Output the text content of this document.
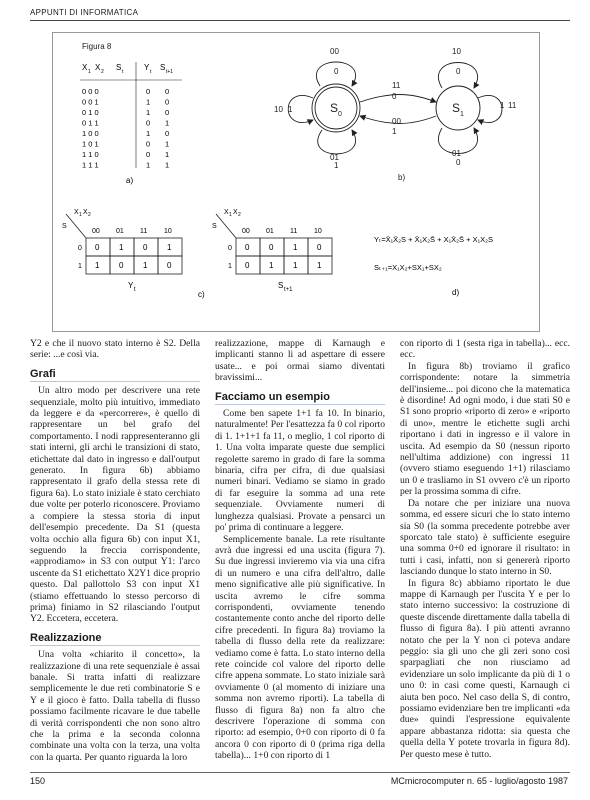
APPUNTI DI INFORMATICA
Figura 8
X 1 X 2 S t	Y t S t+1
0 0 0	0 0
0 0 1	1 0
0 1 0	1 0
0 1 1	0 1
1 0 0	1 0
1 0 1	0 1
1 1 0	0 1
1 1 1	1 1
a)
S 0	S 1
00
0
10 1
01
1
10
0
1 11
01
0
11
0
00
1
b)
S
X 1 X 2
00 01 11 10
0
1
0 1 0 1
1 0 1 0
Y t
S
X 1 X 2
00 01 11 10
0
1
0 0 1 0
0 1 1 1
S t+1
c)
Yₜ=X̄₁X̄₂S + X̄₁X₂S̄ + X₁X̄₂S̄ + X₁X₂S
Sₜ₊₁=X₁X₂+SX₁+SX₂
d)

Y2 e che il nuovo stato interno è S2. Della serie: ...e così via.

Grafi

Un altro modo per descrivere una rete sequenziale, molto più intuitivo, immediato da leggere e da «percorrere», è quello di rappresentare un bel grafo del comportamento. I nodi rappresenteranno gli stati interni, gli archi le transizioni di stato, etichettate dal dato in ingresso e dall'output generato. In figura 6b) abbiamo rappresentato il grafo della stessa rete di figura 6a). Lo stato iniziale è stato cerchiato due volte per poterlo riconoscere. Proviamo a compiere la stessa storia di input dell'esempio precedente. Da S1 (questa volta occhio alla figura 6b) con input X1, seguendo la freccia corrispondente, «approdiamo» in S3 con output Y1: l'arco uscente da S1 etichettato X2Y1 dice proprio questo. Dal pallottolo S3 con input X1 (stiamo effettuando lo stesso percorso di prima) finiamo in S2 rilasciando l'output Y2. Eccetera, eccetera.

Realizzazione

Una volta «chiarito il concetto», la realizzazione di una rete sequenziale è assai banale. Si tratta infatti di realizzare semplicemente le due reti combinatorie S e Y e il gioco è fatto. Dalla tabella di flusso possiamo facilmente ricavare le due tabelle di verità corrispondenti che non sono altro che la prima e la seconda colonna combinate una volta con la terza, una volta con la quarta. Per quanto riguarda la loro

realizzazione, mappe di Karnaugh e implicanti stanno lì ad aspettare di essere usate... e poi ormai siamo diventati bravissimi...

Facciamo un esempio

Come ben sapete 1+1 fa 10. In binario, naturalmente! Per l'esattezza fa 0 col riporto di 1. 1+1+1 fa 11, o meglio, 1 col riporto di 1. Una volta imparate queste due semplici regolette saremo in grado di fare la somma binaria, cifra per cifra, di due qualsiasi numeri binari. Vediamo se siamo in grado di far eseguire la somma ad una rete sequenziale. Ovviamente numeri di lunghezza qualsiasi. Provate a pensarci un po' prima di continuare a leggere.

Semplicemente banale. La rete risultante avrà due ingressi ed una uscita (figura 7). Su due ingressi invieremo via via una cifra di un numero e una cifra dell'altro, dalle meno significative alle più significative. In uscita avremo le cifre somma corrispondenti, ovviamente tenendo costantemente conto anche del riporto delle cifre precedenti. In figura 8a) troviamo la tabella di flusso della rete da realizzare: vediamo come è fatta. Lo stato interno della rete coincide col valore del riporto delle cifre appena sommate. Lo stato iniziale sarà ovviamente 0 (al momento di iniziare una somma non avremo riporti). La tabella di flusso di figura 8a) non fa altro che descrivere l'operazione di somma con riporto: ad esempio, 0+0 con riporto di 0 fa ancora 0 con riporto di 0 (prima riga della tabella)... 1+0 con riporto di 1

con riporto di 1 (sesta riga in tabella)... ecc. ecc.

In figura 8b) troviamo il grafico corrispondente: notare la simmetria dell'insieme... poi dicono che la matematica è disordine! Ad ogni modo, i due stati S0 e S1 sono proprio «riporto di zero» e «riporto di uno», mentre le etichette sugli archi riportano i dati in ingresso e il valore in uscita. Ad esempio da S0 (nessun riporto nell'ultima addizione) con ingressi 11 (ovvero stiamo eseguendo 1+1) rilasciamo un 0 e trasliamo in S1 ovvero c'è un riporto per la prossima somma di cifre.

Da notare che per iniziare una nuova somma, ed essere sicuri che lo stato interno sia S0 (la somma precedente potrebbe aver sporcato tale stato) è sufficiente eseguire una somma 0+0 ed ignorare il risultato: in tutti i casi, infatti, non si genererà riporto lasciando dunque lo stato interno in S0.

In figura 8c) abbiamo riportato le due mappe di Karnaugh per l'uscita Y e per lo stato interno successivo: la costruzione di queste discende direttamente dalla tabella di flusso di figura 8a). I più attenti avranno notato che per la Y non ci poteva andare peggio: sia gli uno che gli zeri sono così sparpagliati che non riusciamo ad evidenziare un solo implicante da più di 1 o uno 0: in casi come questi, Karnaugh ci aiuta ben poco. Nel caso della S, di contro, possiamo evidenziare ben tre implicanti «da due» quindi l'espressione equivalente appare abbastanza ridotta: sia questa che quella della Y potete trovarla in figura 8d). Per questo mese è tutto.

150	MCmicrocomputer n. 65 - luglio/agosto 1987
